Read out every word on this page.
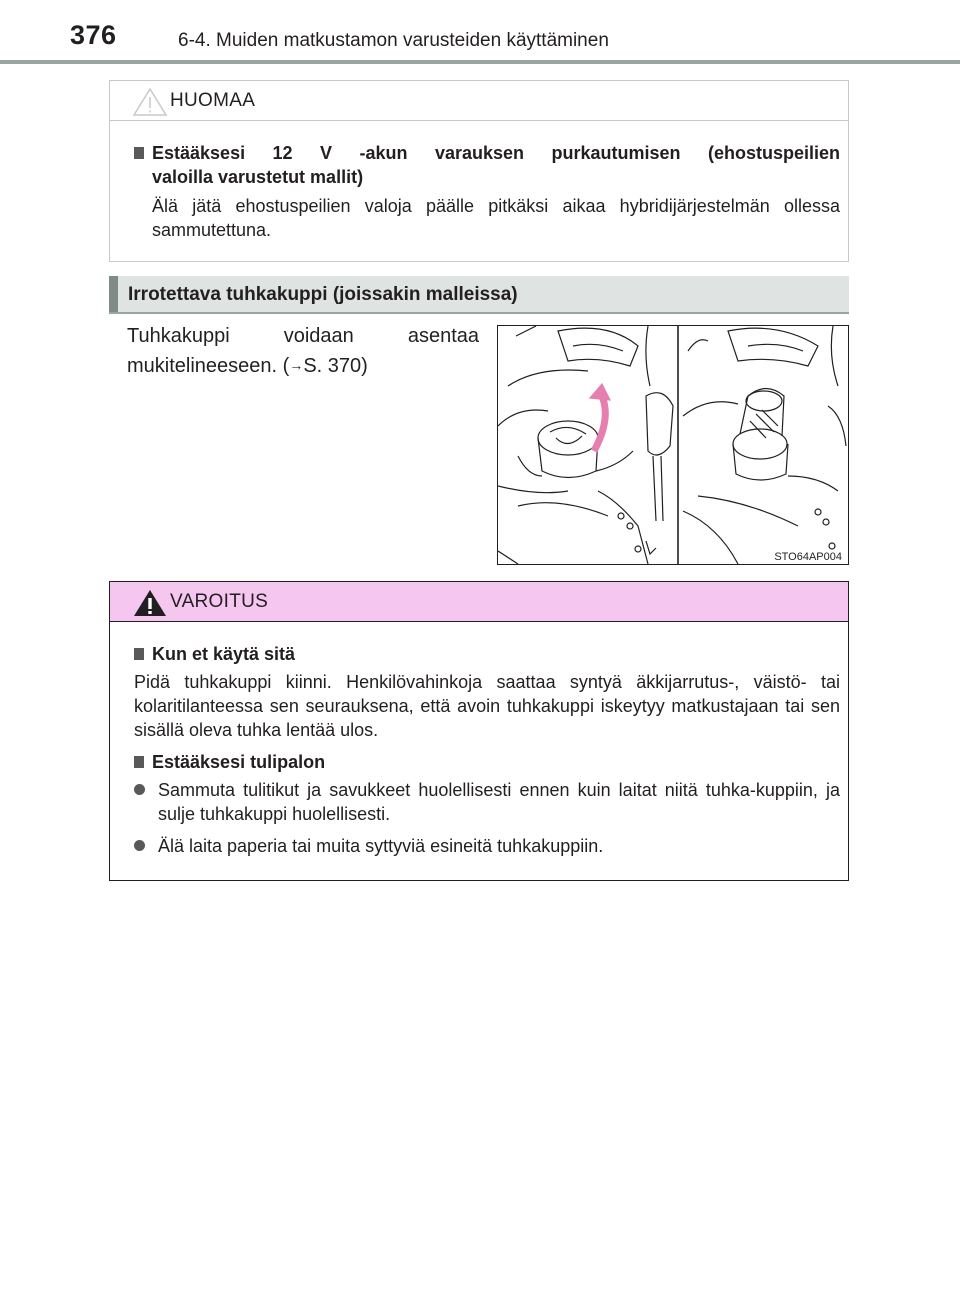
376	6-4. Muiden matkustamon varusteiden käyttäminen
HUOMAA
Estääksesi 12 V -akun varauksen purkautumisen (ehostuspeilien
valoilla varustetut mallit)
Älä jätä ehostuspeilien valoja päälle pitkäksi aikaa hybridijärjestelmän ollessa sammutettuna.
Irrotettava tuhkakuppi (joissakin malleissa)
Tuhkakuppi voidaan asentaa
mukitelineeseen. (→S. 370)
STO64AP004
VAROITUS
Kun et käytä sitä
Pidä tuhkakuppi kiinni. Henkilövahinkoja saattaa syntyä äkkijarrutus-, väistö- tai kolaritilanteessa sen seurauksena, että avoin tuhkakuppi iskeytyy matkustajaan tai sen sisällä oleva tuhka lentää ulos.
Estääksesi tulipalon
Sammuta tulitikut ja savukkeet huolellisesti ennen kuin laitat niitä tuhka-kuppiin, ja sulje tuhkakuppi huolellisesti.
Älä laita paperia tai muita syttyviä esineitä tuhkakuppiin.
